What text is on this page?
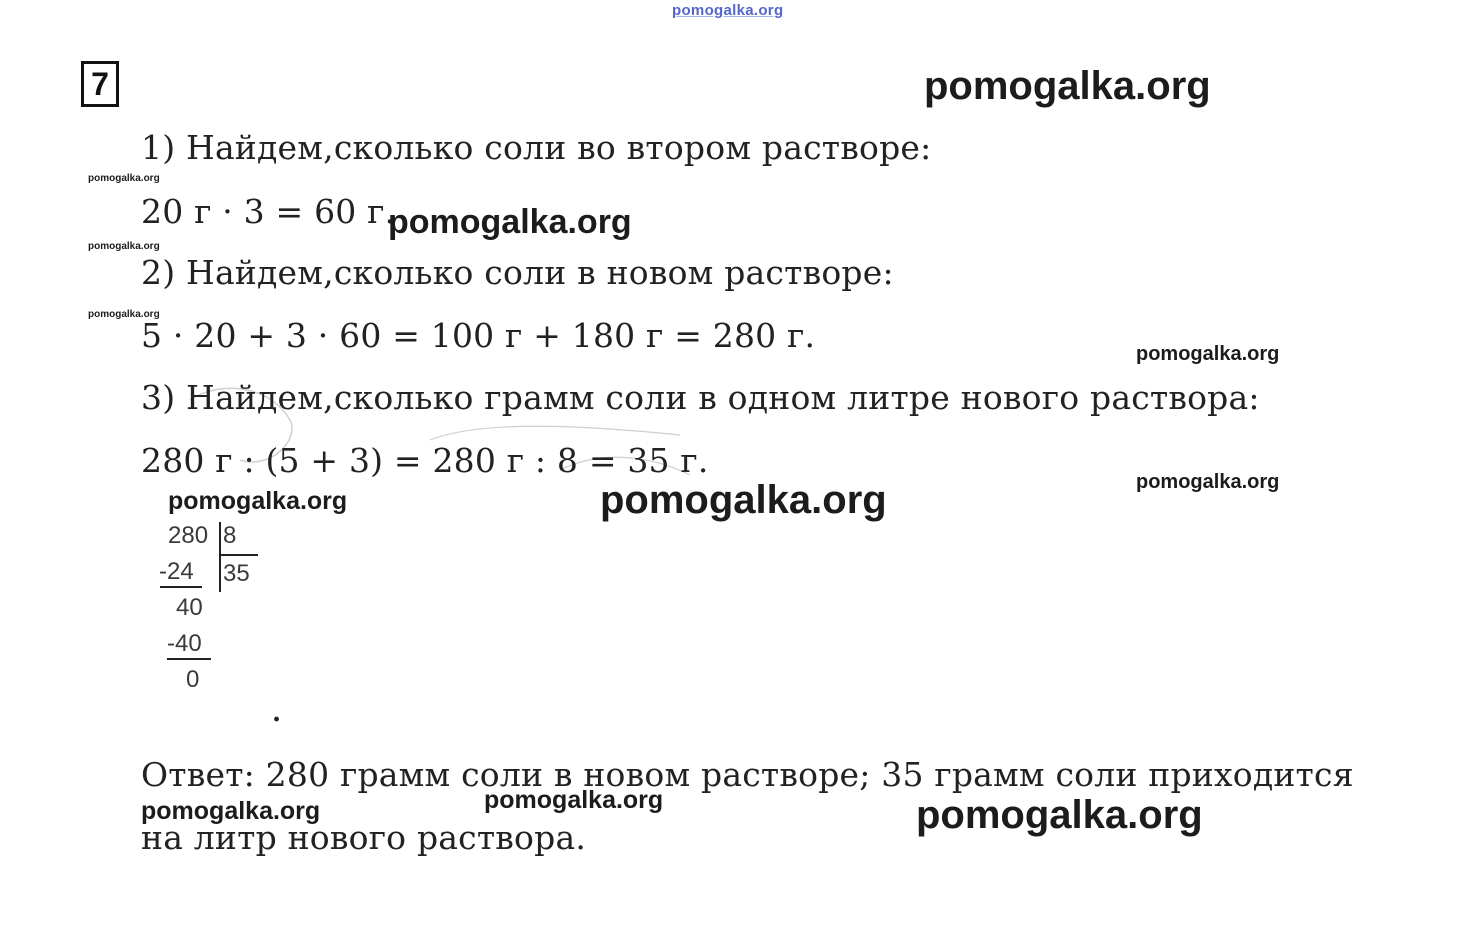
pomogalka.org
7	pomogalka.org
1) Найдем,сколько соли во втором растворе:
pomogalka.org
20 г · 3 = 60 г.
pomogalka.org
pomogalka.org
2) Найдем,сколько соли в новом растворе:
pomogalka.org
5 · 20 + 3 · 60 = 100 г + 180 г = 280 г.	pomogalka.org
3) Найдем,сколько грамм соли в одном литре нового раствора:
280 г : (5 + 3) = 280 г : 8 = 35 г.
pomogalka.org
pomogalka.org	pomogalka.org
280 8
-24 35
40
-40
0
.
Ответ: 280 грамм соли в новом растворе; 35 грамм соли приходится
на литр нового раствора.
pomogalka.org	pomogalka.org	pomogalka.org
